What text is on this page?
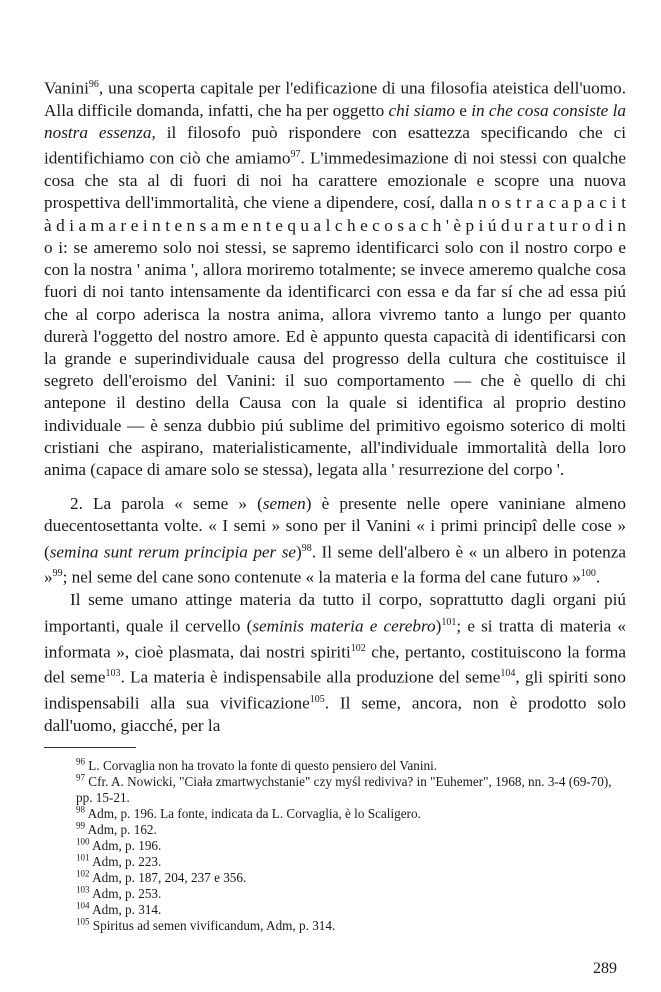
Vanini$^{96}$, una scoperta capitale per l'edificazione di una filosofia ateistica dell'uomo. Alla difficile domanda, infatti, che ha per oggetto chi siamo e in che cosa consiste la nostra essenza, il filosofo può rispondere con esattezza specificando che ci identifichiamo con ciò che amiamo$^{97}$. L'immedesimazione di noi stessi con qualche cosa che sta al di fuori di noi ha carattere emozionale e scopre una nuova prospettiva dell'immortalità, che viene a dipendere, cosí, dalla n o s t r a c a p a c i t à d i a m a r e i n t e n s a m e n t e q u a l c h e c o s a c h ' è p i ú d u r a t u r o d i n o i: se ameremo solo noi stessi, se sapremo identificarci solo con il nostro corpo e con la nostra ' anima ', allora moriremo totalmente; se invece ameremo qualche cosa fuori di noi tanto intensamente da identificarci con essa e da far sí che ad essa piú che al corpo aderisca la nostra anima, allora vivremo tanto a lungo per quanto durerà l'oggetto del nostro amore. Ed è appunto questa capacità di identificarsi con la grande e superindividuale causa del progresso della cultura che costituisce il segreto dell'eroismo del Vanini: il suo comportamento — che è quello di chi antepone il destino della Causa con la quale si identifica al proprio destino individuale — è senza dubbio piú sublime del primitivo egoismo soterico di molti cristiani che aspirano, materialisticamente, all'individuale immortalità della loro anima (capace di amare solo se stessa), legata alla ' resurrezione del corpo '.

2. La parola « seme » (semen) è presente nelle opere vaniniane almeno duecentosettanta volte. « I semi » sono per il Vanini « i primi principî delle cose » (semina sunt rerum principia per se)$^{98}$. Il seme dell'albero è « un albero in potenza »$^{99}$; nel seme del cane sono contenute « la materia e la forma del cane futuro »$^{100}$.

Il seme umano attinge materia da tutto il corpo, soprattutto dagli organi piú importanti, quale il cervello (seminis materia e cerebro)$^{101}$; e si tratta di materia « informata », cioè plasmata, dai nostri spiriti$^{102}$ che, pertanto, costituiscono la forma del seme$^{103}$. La materia è indispensabile alla produzione del seme$^{104}$, gli spiriti sono indispensabili alla sua vivificazione$^{105}$. Il seme, ancora, non è prodotto solo dall'uomo, giacché, per la

$^{96}$ L. Corvaglia non ha trovato la fonte di questo pensiero del Vanini.

$^{97}$ Cfr. A. Nowicki, "Ciała zmartwychstanie" czy myśl rediviva? in "Euhemer", 1968, nn. 3-4 (69-70), pp. 15-21.

$^{98}$ Adm, p. 196. La fonte, indicata da L. Corvaglia, è lo Scaligero.

$^{99}$ Adm, p. 162.

$^{100}$ Adm, p. 196.

$^{101}$ Adm, p. 223.

$^{102}$ Adm, p. 187, 204, 237 e 356.

$^{103}$ Adm, p. 253.

$^{104}$ Adm, p. 314.

$^{105}$ Spiritus ad semen vivificandum, Adm, p. 314.

289
